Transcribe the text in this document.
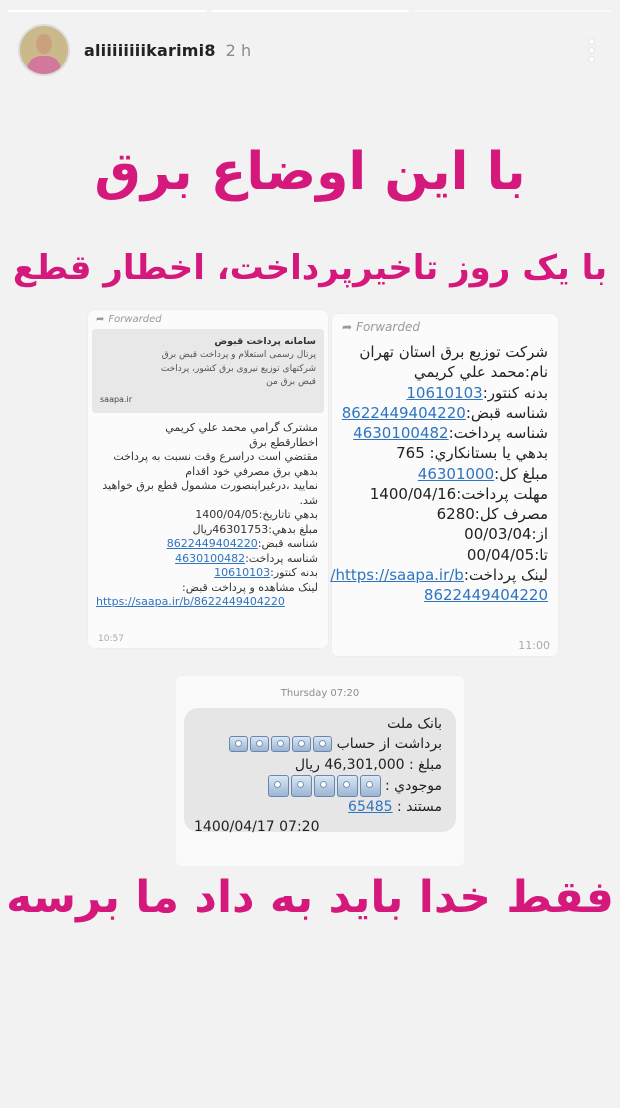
aliiiiiiiikarimi8 2 h
با این اوضاع برق
با یک روز تاخیرپرداخت، اخطار قطع
➦ Forwarded
سامانه پرداخت قبوض
پرتال رسمی استعلام و پرداخت قبض برق
شرکتهای توزیع نیروی برق کشور، پرداخت
قبض برق من
saapa.ir
مشترک گرامي محمد علي کريمي
اخطارقطع برق
مقتضي است دراسرع وقت نسبت به پرداخت
بدهي برق مصرفي خود اقدام
نماييد ،درغيراينصورت مشمول قطع برق خواهيد
شد.
بدهي تاتاريخ:1400/04/05
مبلغ بدهي:46301753ريال
شناسه قبض:8622449404220
شناسه پرداخت:4630100482
بدنه کنتور:10610103
لينک مشاهده و پرداخت قبض:
https://saapa.ir/b/8622449404220
10:57
➦ Forwarded
شرکت توزیع برق استان تهران
نام:محمد علي کريمي
بدنه کنتور:10610103
شناسه قبض:8622449404220
شناسه پرداخت:4630100482
بدهي يا بستانکاري: 765
مبلغ کل:46301000
مهلت پرداخت:1400/04/16
مصرف کل:6280
از:00/03/04
تا:00/04/05
لينک پرداخت:https://saapa.ir/b/
8622449404220
11:00
Thursday 07:20
بانک ملت
برداشت از حساب
مبلغ : 46,301,000 ريال
موجودي :
مستند : 65485
1400/04/17 07:20
فقط خدا باید به داد ما برسه
